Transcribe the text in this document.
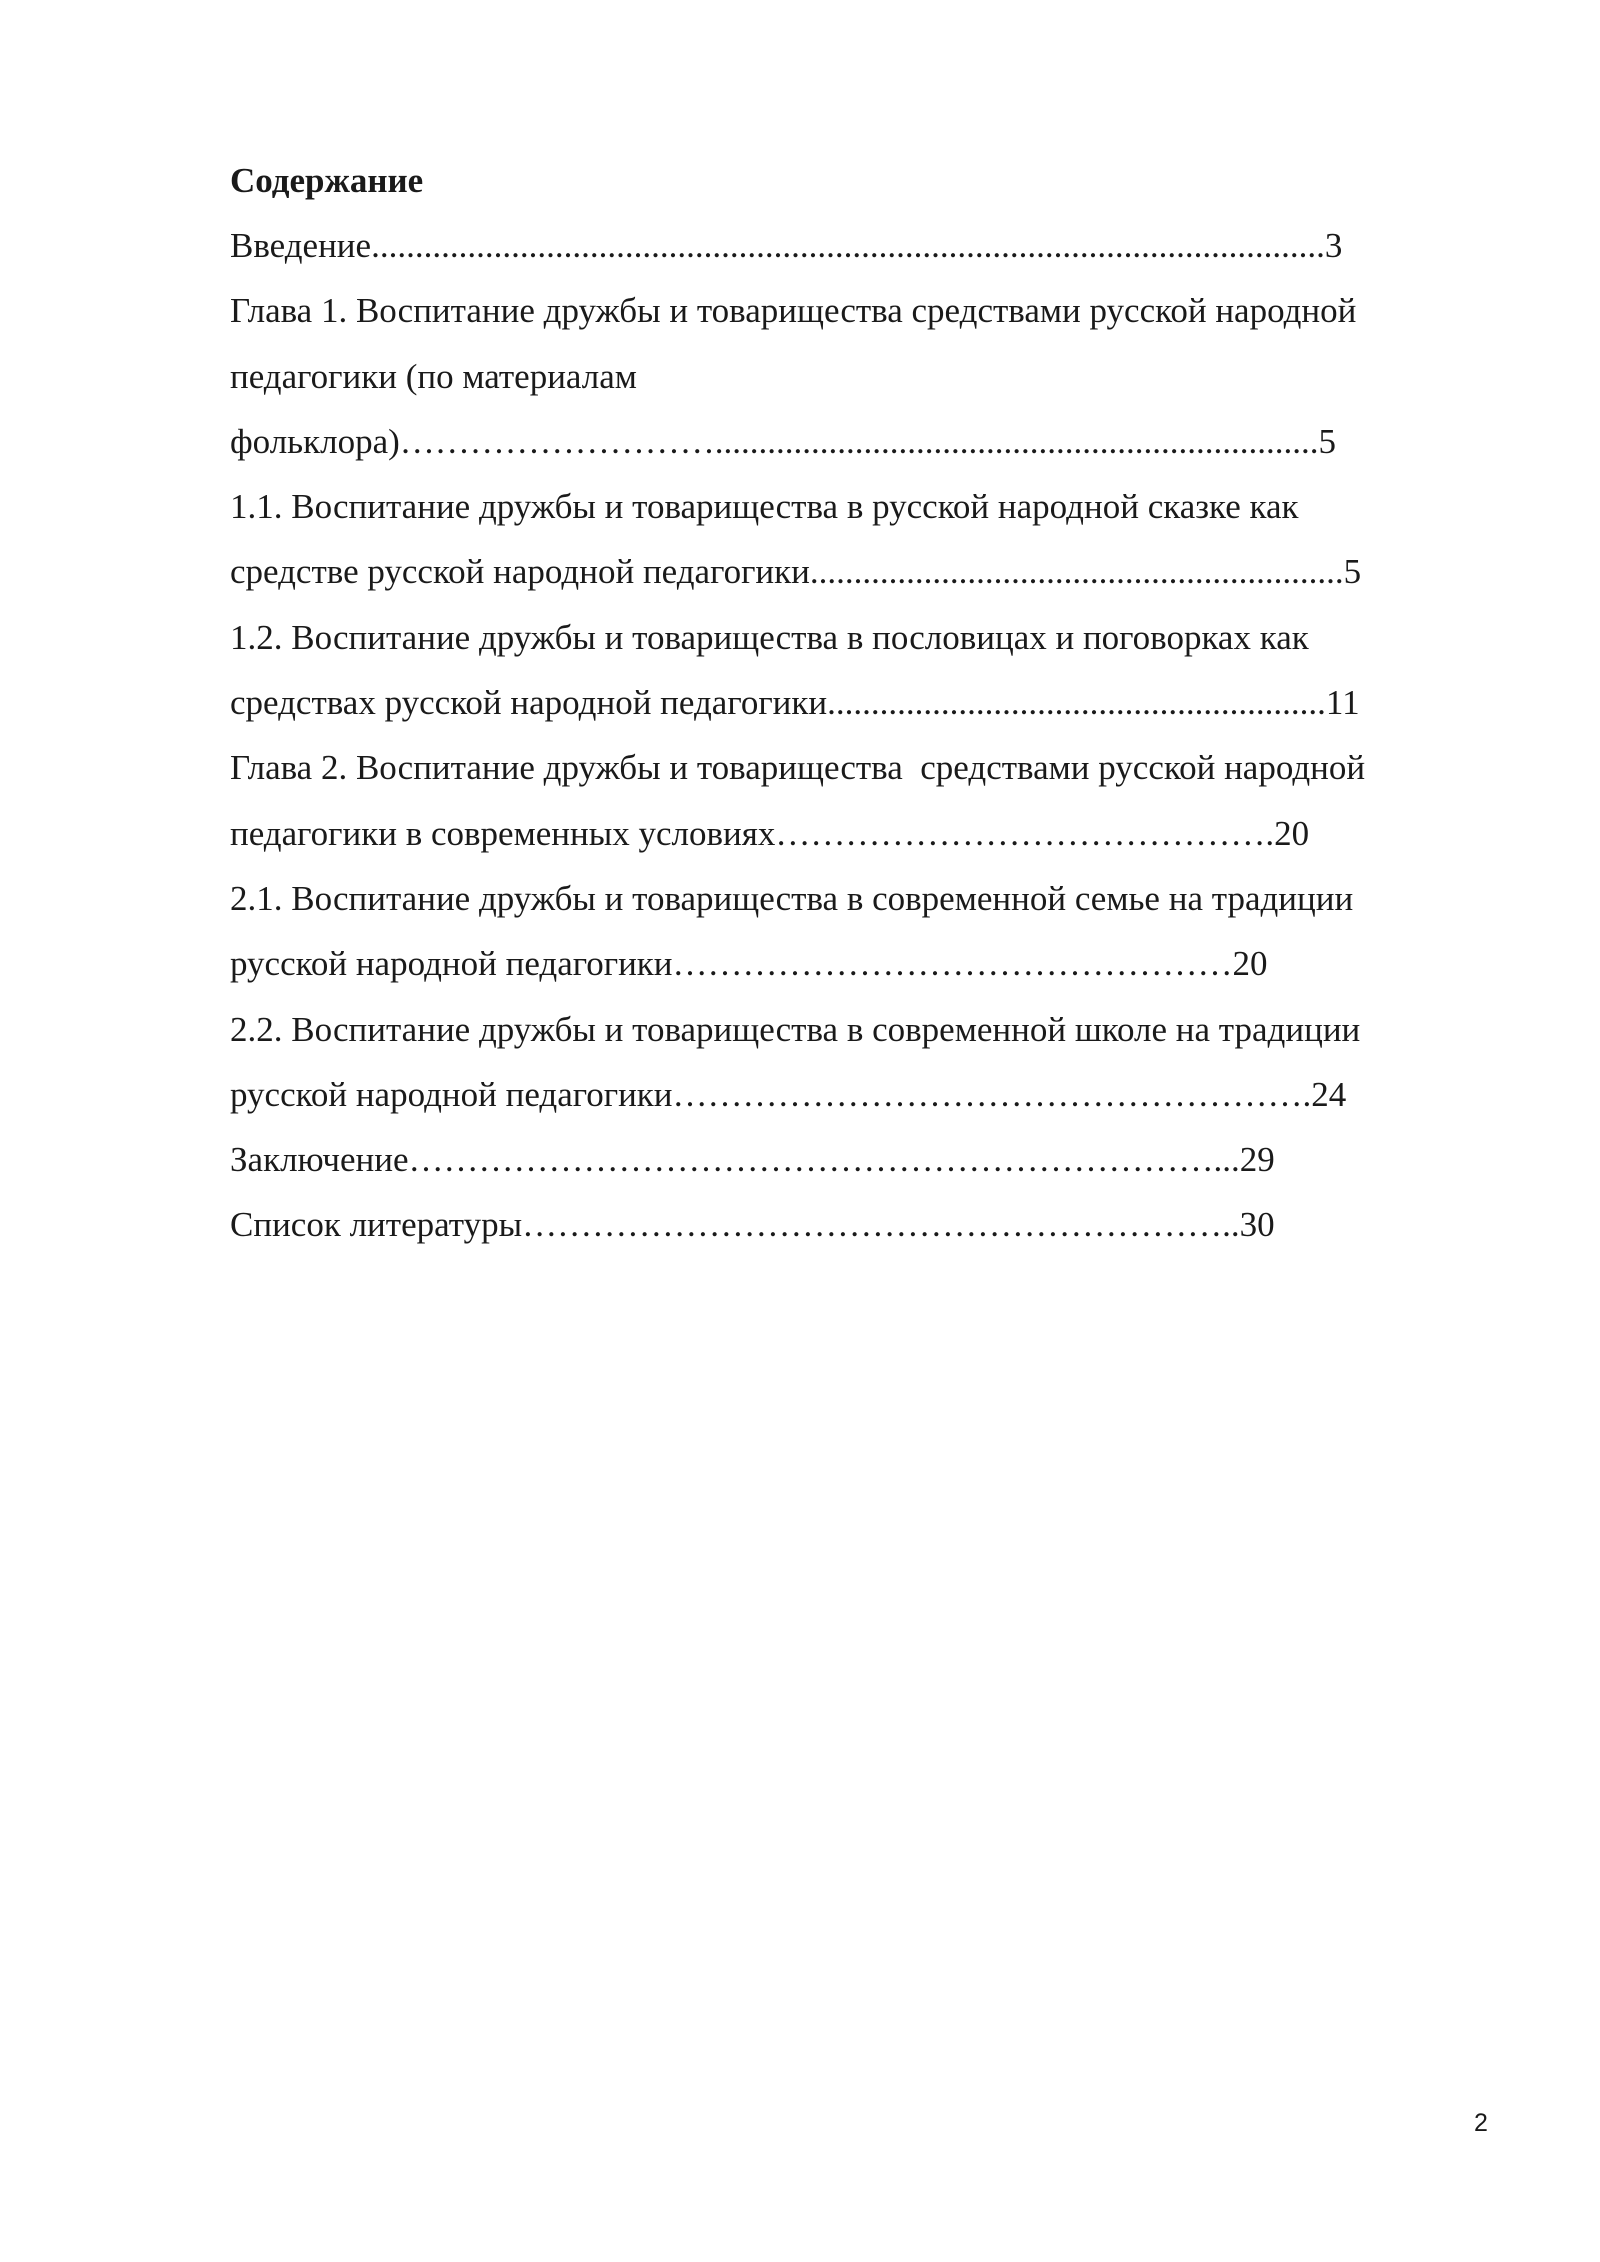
Содержание

Введение.............................................................................................................3

Глава 1. Воспитание дружбы и товарищества средствами русской народной

педагогики (по материалам

фольклора)……………………….....................................................................5

1.1. Воспитание дружбы и товарищества в русской народной сказке как

средстве русской народной педагогики.............................................................5

1.2. Воспитание дружбы и товарищества в пословицах и поговорках как

средствах русской народной педагогики.........................................................11

Глава 2. Воспитание дружбы и товарищества  средствами русской народной

педагогики в современных условиях…………………………………….20

2.1. Воспитание дружбы и товарищества в современной семье на традиции

русской народной педагогики…………………………………………20

2.2. Воспитание дружбы и товарищества в современной школе на традиции

русской народной педагогики……………………………………………….24

Заключение……………………………………………………………...29

Список литературы……………………………………………………..30

2
